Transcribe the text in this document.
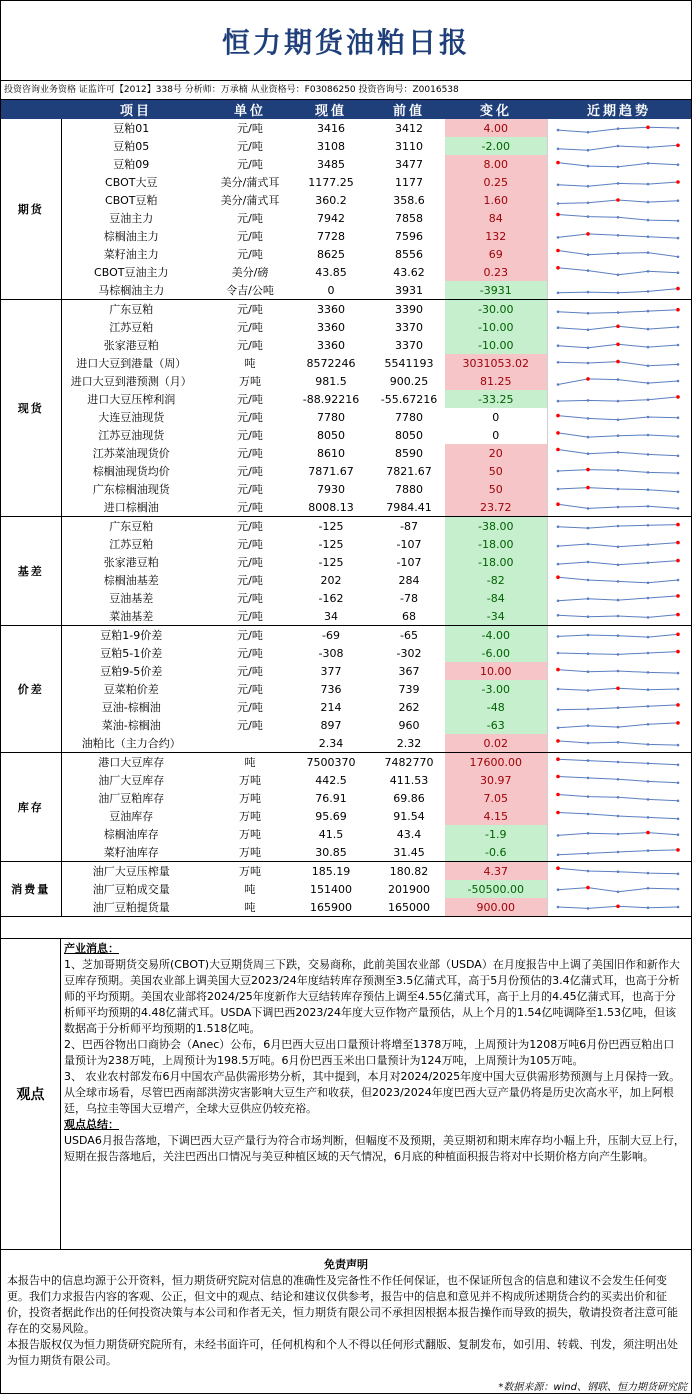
恒力期货油粕日报
投资咨询业务资格 证监许可【2012】338号 分析师：万承楠 从业资格号：F03086250 投资咨询号：Z0016538
	项目	单位	现值	前值	变化	近期趋势
期货	豆粕01	元/吨	3416	3412	4.00	

	豆粕05	元/吨	3108	3110	-2.00	

	豆粕09	元/吨	3485	3477	8.00	

	CBOT大豆	美分/蒲式耳	1177.25	1177	0.25	

	CBOT豆粕	美分/蒲式耳	360.2	358.6	1.60	

	豆油主力	元/吨	7942	7858	84	

	棕榈油主力	元/吨	7728	7596	132	

	菜籽油主力	元/吨	8625	8556	69	

	CBOT豆油主力	美分/磅	43.85	43.62	0.23	

	马棕榈油主力	令吉/公吨	0	3931	-3931	

现货	广东豆粕	元/吨	3360	3390	-30.00	

	江苏豆粕	元/吨	3360	3370	-10.00	

	张家港豆粕	元/吨	3360	3370	-10.00	

	进口大豆到港量（周）	吨	8572246	5541193	3031053.02	

	进口大豆到港预测（月）	万吨	981.5	900.25	81.25	

	进口大豆压榨利润	元/吨	-88.92216	-55.67216	-33.25	

	大连豆油现货	元/吨	7780	7780	0	

	江苏豆油现货	元/吨	8050	8050	0	

	江苏菜油现货价	元/吨	8610	8590	20	

	棕榈油现货均价	元/吨	7871.67	7821.67	50	

	广东棕榈油现货	元/吨	7930	7880	50	

	进口棕榈油	元/吨	8008.13	7984.41	23.72	

基差	广东豆粕	元/吨	-125	-87	-38.00	

	江苏豆粕	元/吨	-125	-107	-18.00	

	张家港豆粕	元/吨	-125	-107	-18.00	

	棕榈油基差	元/吨	202	284	-82	

	豆油基差	元/吨	-162	-78	-84	

	菜油基差	元/吨	34	68	-34	

价差	豆粕1-9价差	元/吨	-69	-65	-4.00	

	豆粕5-1价差	元/吨	-308	-302	-6.00	

	豆粕9-5价差	元/吨	377	367	10.00	

	豆菜粕价差	元/吨	736	739	-3.00	

	豆油-棕榈油	元/吨	214	262	-48	

	菜油-棕榈油	元/吨	897	960	-63	

	油粕比（主力合约）		2.34	2.32	0.02	

库存	港口大豆库存	吨	7500370	7482770	17600.00	

	油厂大豆库存	万吨	442.5	411.53	30.97	

	油厂豆粕库存	万吨	76.91	69.86	7.05	

	豆油库存	万吨	95.69	91.54	4.15	

	棕榈油库存	万吨	41.5	43.4	-1.9	

	菜籽油库存	万吨	30.85	31.45	-0.6	

消费量	油厂大豆压榨量	万吨	185.19	180.82	4.37	

	油厂豆粕成交量	吨	151400	201900	-50500.00	

	油厂豆粕提货量	吨	165900	165000	900.00	
观点

产业消息：

1、芝加哥期货交易所(CBOT)大豆期货周三下跌，交易商称，此前美国农业部（USDA）在月度报告中上调了美国旧作和新作大豆库存预期。美国农业部上调美国大豆2023/24年度结转库存预测至3.5亿蒲式耳，高于5月份预估的3.4亿蒲式耳，也高于分析师的平均预期。美国农业部将2024/25年度新作大豆结转库存预估上调至4.55亿蒲式耳，高于上月的4.45亿蒲式耳，也高于分析师平均预期的4.48亿蒲式耳。USDA下调巴西2023/24年度大豆作物产量预估，从上个月的1.54亿吨调降至1.53亿吨，但该数据高于分析师平均预期的1.518亿吨。

2、巴西谷物出口商协会（Anec）公布，6月巴西大豆出口量预计将增至1378万吨，上周预计为1208万吨6月份巴西豆粕出口量预计为238万吨，上周预计为198.5万吨。6月份巴西玉米出口量预计为124万吨，上周预计为105万吨。

3、 农业农村部发布6月中国农产品供需形势分析，其中提到，本月对2024/2025年度中国大豆供需形势预测与上月保持一致。从全球市场看，尽管巴西南部洪涝灾害影响大豆生产和收获，但2023/2024年度巴西大豆产量仍将是历史次高水平，加上阿根廷，乌拉圭等国大豆增产，全球大豆供应仍较充裕。

观点总结：

USDA6月报告落地，下调巴西大豆产量行为符合市场判断，但幅度不及预期，美豆期初和期末库存均小幅上升，压制大豆上行，短期在报告落地后，关注巴西出口情况与美豆种植区域的天气情况，6月底的种植面积报告将对中长期价格方向产生影响。

免责声明

本报告中的信息均源于公开资料，恒力期货研究院对信息的准确性及完备性不作任何保证，也不保证所包含的信息和建议不会发生任何变更。我们力求报告内容的客观、公正，但文中的观点、结论和建议仅供参考，报告中的信息和意见并不构成所述期货合约的买卖出价和征价，投资者据此作出的任何投资决策与本公司和作者无关，恒力期货有限公司不承担因根据本报告操作而导致的损失，敬请投资者注意可能存在的交易风险。

本报告版权仅为恒力期货研究院所有，未经书面许可，任何机构和个人不得以任何形式翻版、复制发布，如引用、转载、刊发，须注明出处为恒力期货有限公司。

*数据来源：wind、钢联、恒力期货研究院
